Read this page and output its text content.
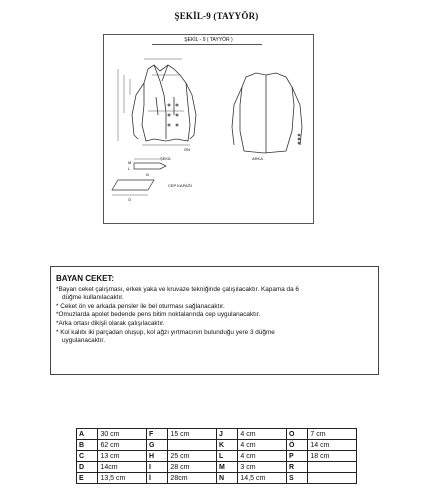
ŞEKİL-9 (TAYYÖR)
ŞEKİL - 9 ( TAYYÖR )
ÖN
ŞEKİL	ARKA
CEP KAPAĞI
M
L
N
O
BAYAN CEKET:

*Bayan ceket çalışması, erkek yaka ve kruvaze tekniğinde çalışılacaktır. Kapama da 6

düğme kullanılacaktır.

* Ceket ön ve arkada pensler ile bel oturması sağlanacaktır.

*Omuzlarda apolet bedende pens bitim noktalarında cep uygulanacaktır.

*Arka ortası dikişli olarak çalışılacaktır.

* Kol kalıbı iki parçadan oluşup, kol ağzı yırtmacının bulunduğu yere 3 düğme

uygulanacaktır.

A	30 cm	F	15 cm	J	4 cm	O	7 cm
B	62 cm	G		K	4 cm	Ö	14 cm
C	13 cm	H	25 cm	L	4 cm	P	18 cm
D	14cm	I	28 cm	M	3 cm	R	
E	13,5 cm	İ	28cm	N	14,5 cm	S	
